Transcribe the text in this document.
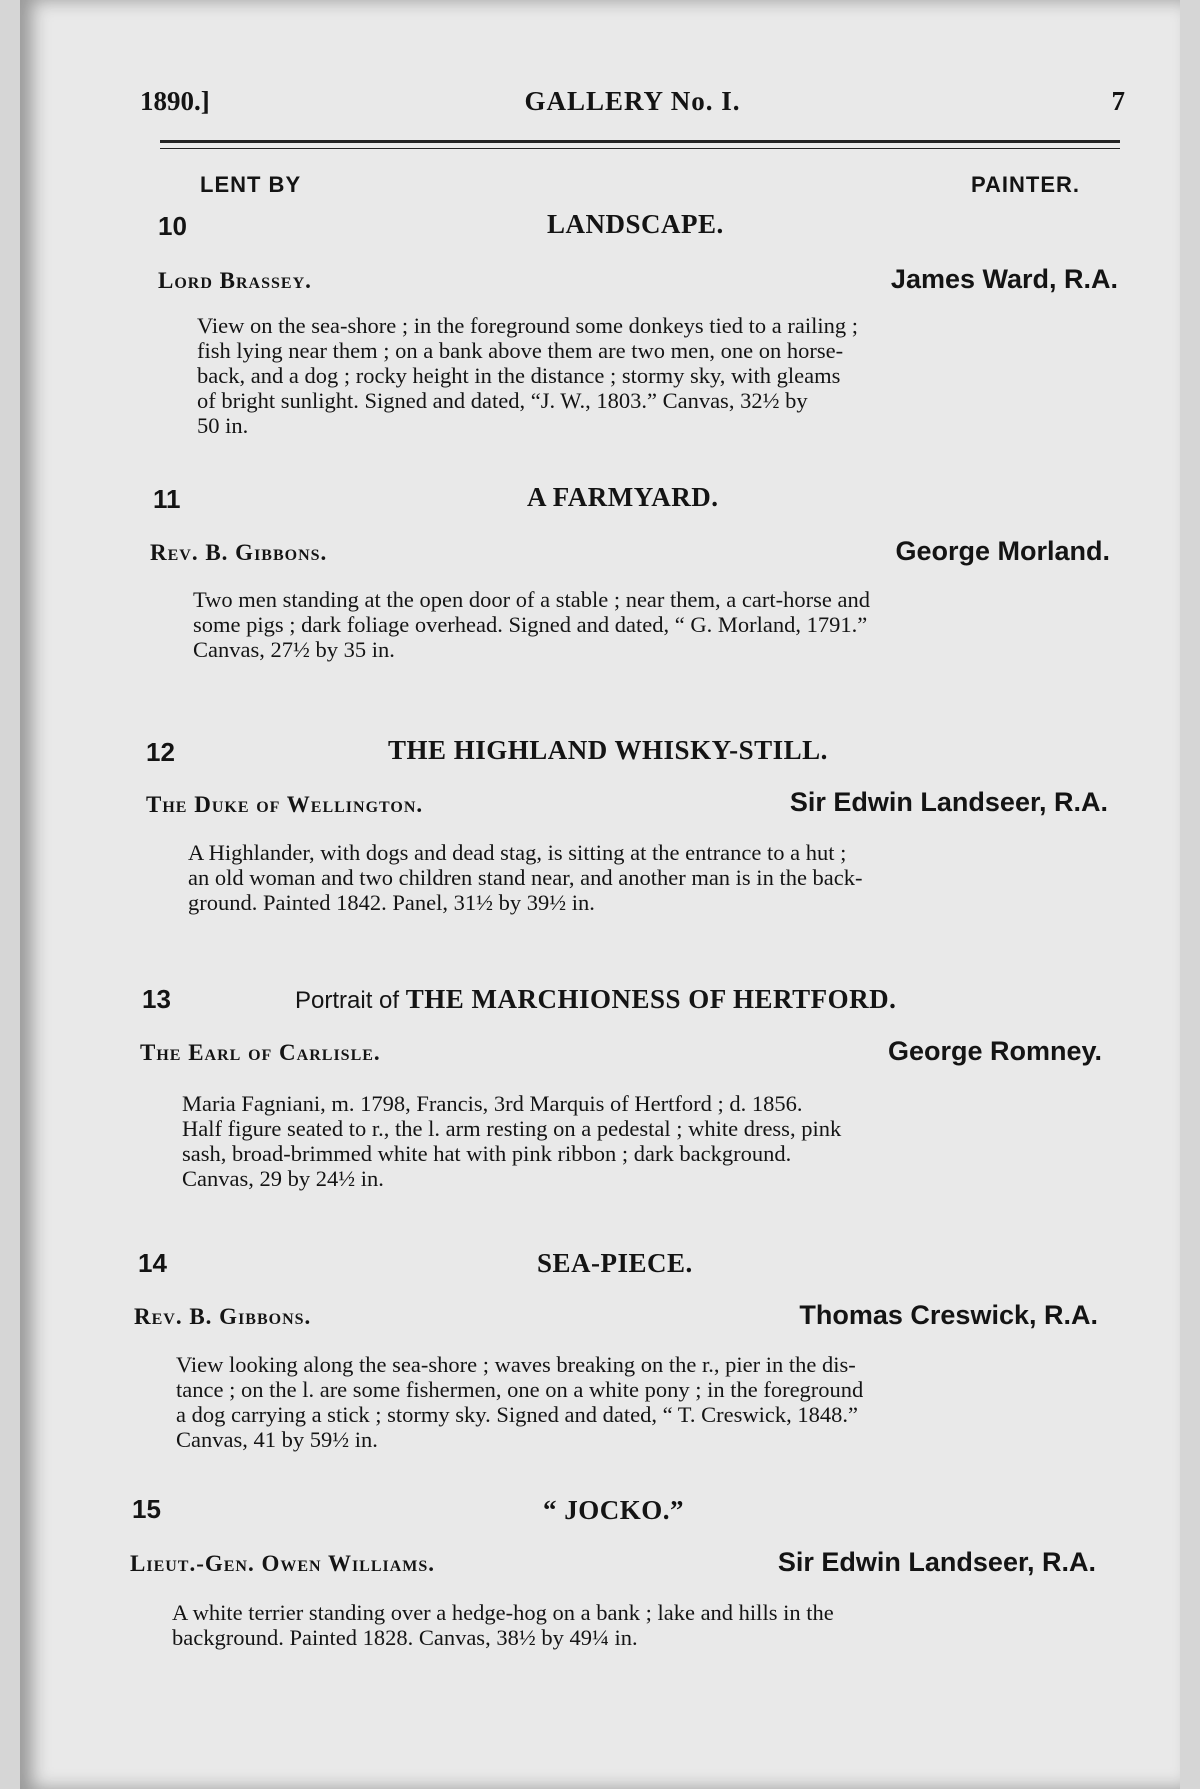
1890.]	GALLERY No. I.	7
LENT BY	PAINTER.
10	LANDSCAPE.
Lord Brassey.	James Ward, R.A.
View on the sea-shore ; in the foreground some donkeys tied to a railing ;
fish lying near them ; on a bank above them are two men, one on horse-
back, and a dog ; rocky height in the distance ; stormy sky, with gleams
of bright sunlight. Signed and dated, “J. W., 1803.” Canvas, 32½ by
50 in.
11	A FARMYARD.
Rev. B. Gibbons.	George Morland.
Two men standing at the open door of a stable ; near them, a cart-horse and
some pigs ; dark foliage overhead. Signed and dated, “ G. Morland, 1791.”
Canvas, 27½ by 35 in.
12	THE HIGHLAND WHISKY-STILL.
The Duke of Wellington.	Sir Edwin Landseer, R.A.
A Highlander, with dogs and dead stag, is sitting at the entrance to a hut ;
an old woman and two children stand near, and another man is in the back-
ground. Painted 1842. Panel, 31½ by 39½ in.
13	Portrait of THE MARCHIONESS OF HERTFORD.
The Earl of Carlisle.	George Romney.
Maria Fagniani, m. 1798, Francis, 3rd Marquis of Hertford ; d. 1856.
Half figure seated to r., the l. arm resting on a pedestal ; white dress, pink
sash, broad-brimmed white hat with pink ribbon ; dark background.
Canvas, 29 by 24½ in.
14	SEA-PIECE.
Rev. B. Gibbons.	Thomas Creswick, R.A.
View looking along the sea-shore ; waves breaking on the r., pier in the dis-
tance ; on the l. are some fishermen, one on a white pony ; in the foreground
a dog carrying a stick ; stormy sky. Signed and dated, “ T. Creswick, 1848.”
Canvas, 41 by 59½ in.
15	“ JOCKO.”
Lieut.-Gen. Owen Williams.	Sir Edwin Landseer, R.A.
A white terrier standing over a hedge-hog on a bank ; lake and hills in the
background. Painted 1828. Canvas, 38½ by 49¼ in.
